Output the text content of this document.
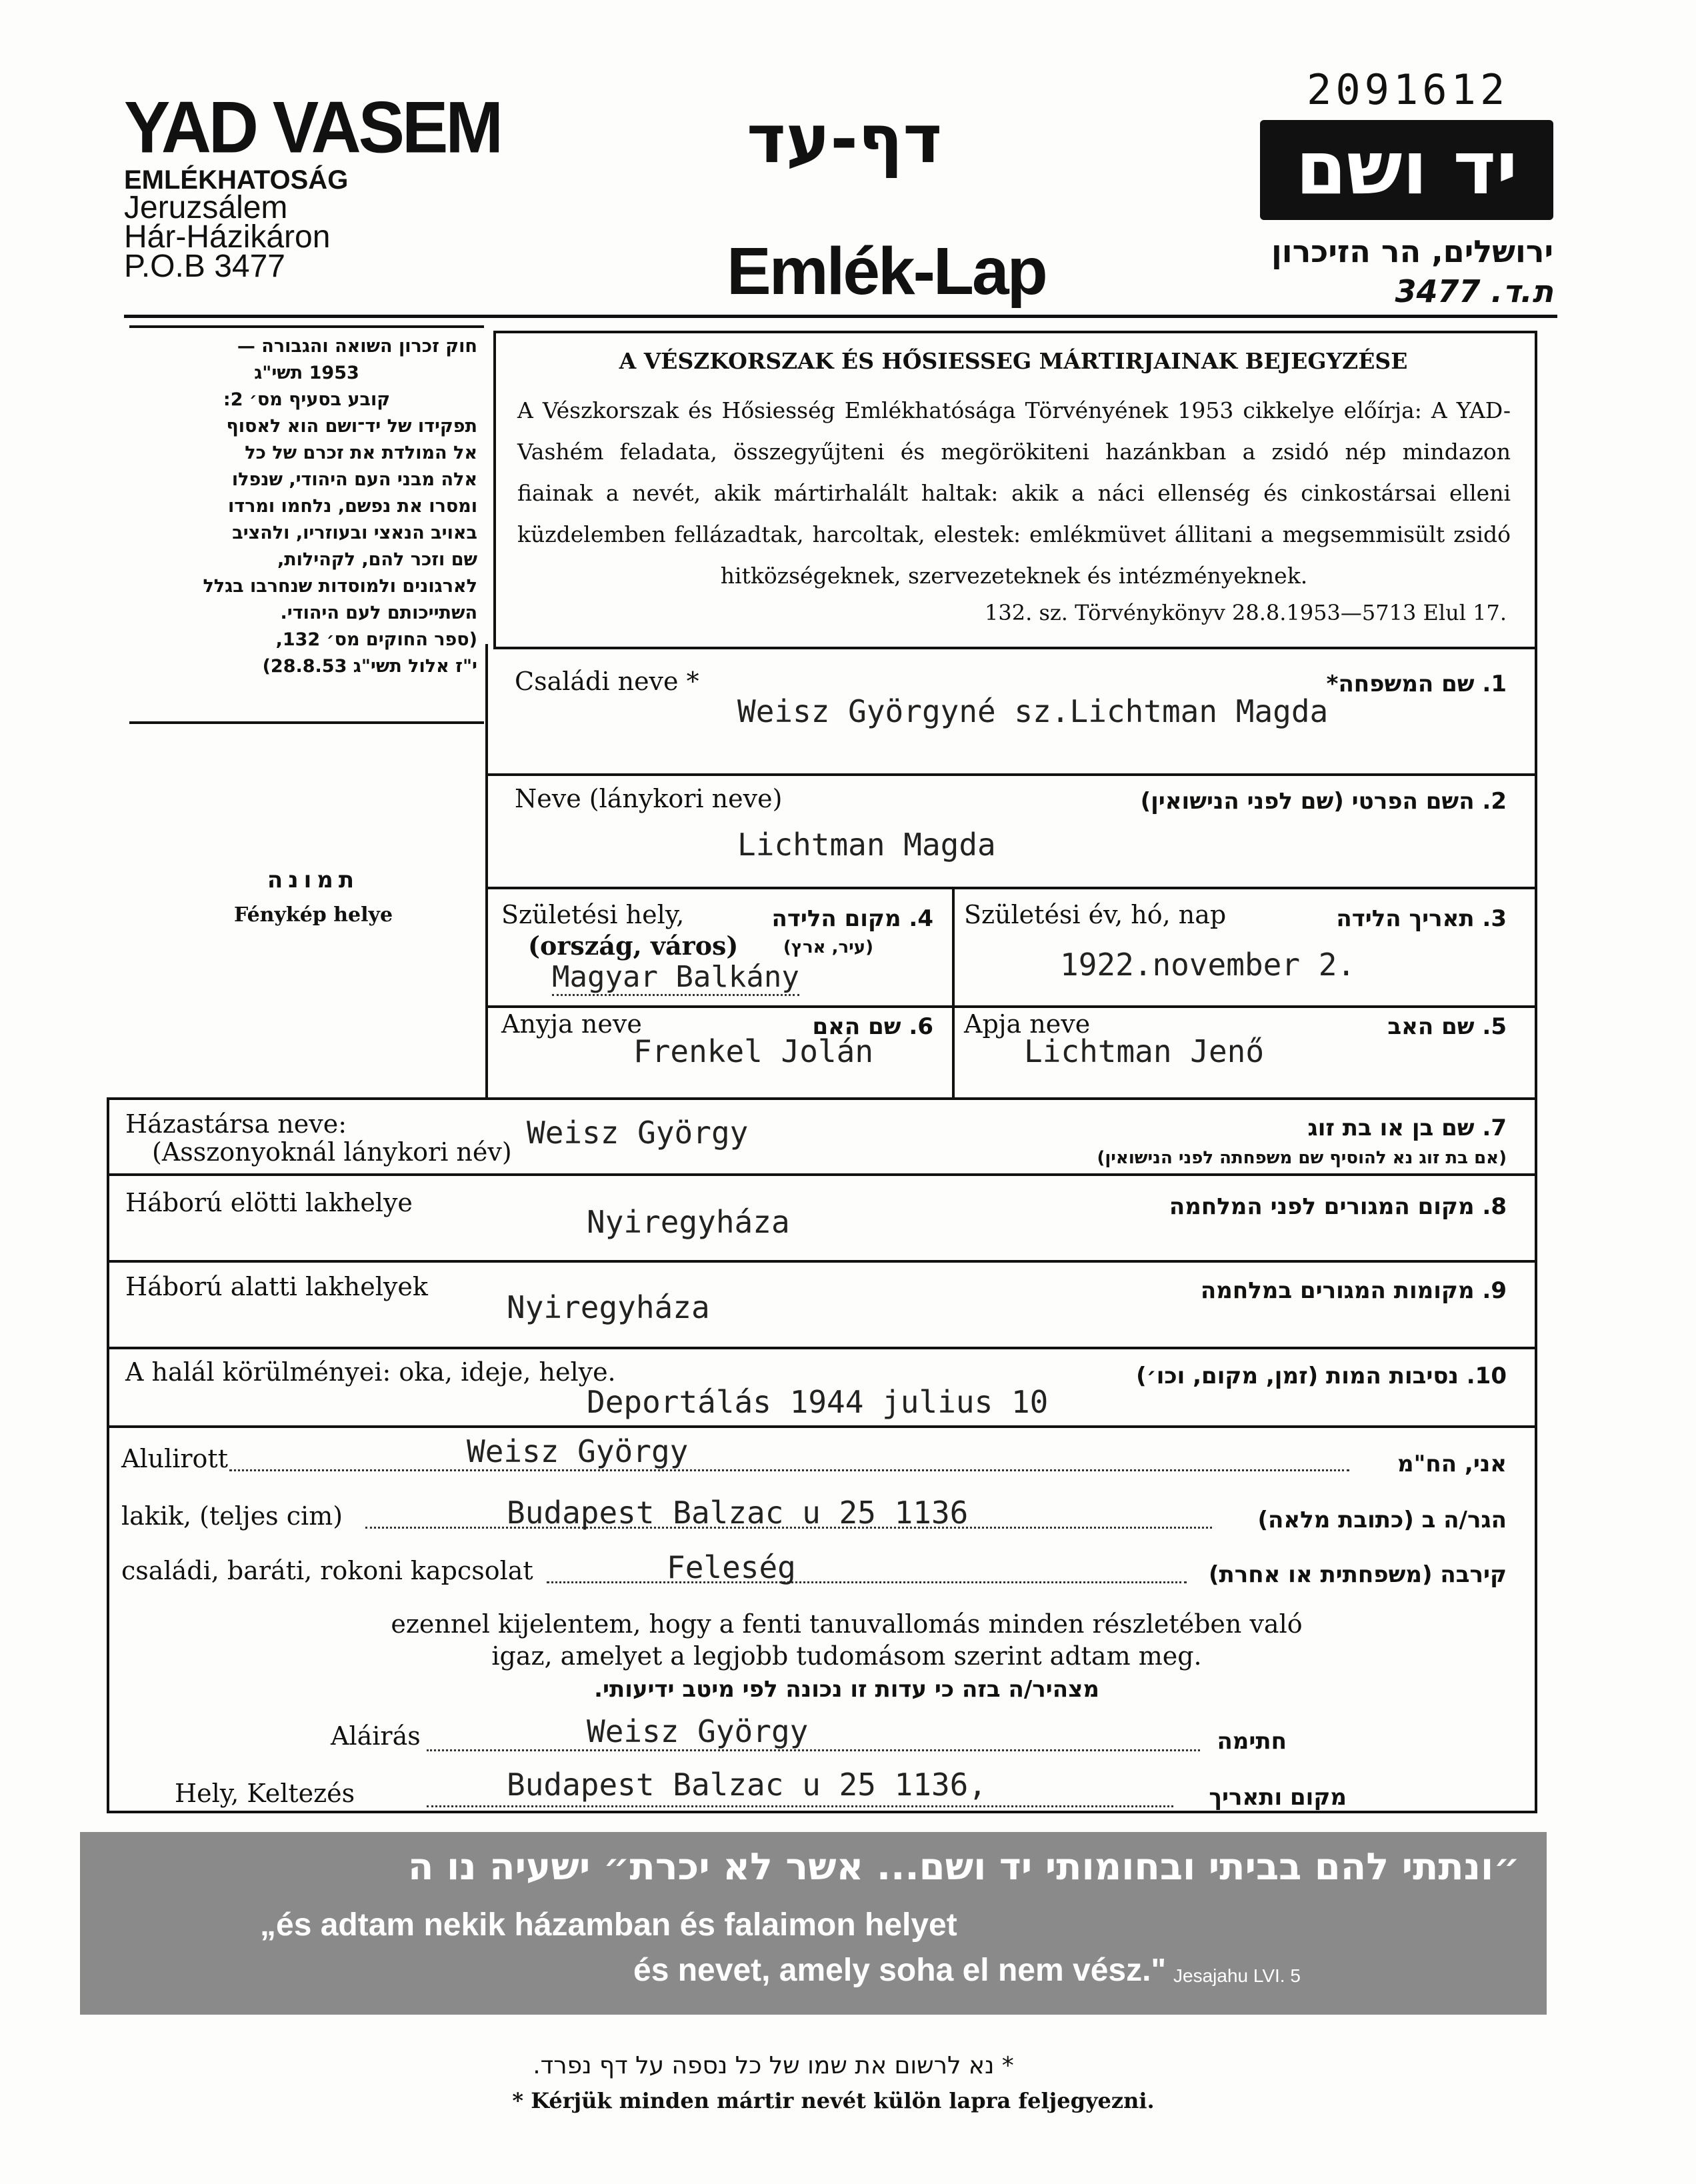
2091612
YAD VASEM
EMLÉKHATOSÁG
Jeruzsálem
Hár-Házikáron
P.O.B 3477
דף-עד
Emlék-Lap
יד ושם
ירושלים, הר הזיכרון
3477 .ת.ד
חוק זכרון השואה והגבורה —
1953 תשי"ג
קובע בסעיף מס׳ 2:
תפקידו של יד־ושם הוא לאסוף
אל המולדת את זכרם של כל
אלה מבני העם היהודי, שנפלו
ומסרו את נפשם, נלחמו ומרדו
באויב הנאצי ובעוזריו, ולהציב
שם וזכר להם, לקהילות,
לארגונים ולמוסדות שנחרבו בגלל
השתייכותם לעם היהודי.
(ספר החוקים מס׳ 132,
י"ז אלול תשי"ג 28.8.53)
תמונה
Fénykép helye
A VÉSZKORSZAK ÉS HŐSIESSEG MÁRTIRJAINAK BEJEGYZÉSE
A Vészkorszak és Hősiesség Emlékhatósága Törvényének 1953 cikkelye előírja: A YAD-Vashém feladata, összegyűjteni és megörökiteni hazánkban a zsidó nép mindazon fiainak a nevét, akik mártirhalált haltak: akik a náci ellenség és cinkostársai elleni küzdelemben fellázadtak, harcoltak, elestek: emlékmüvet állitani a megsemmisült zsidó hitközségeknek, szervezeteknek és intézményeknek.
132. sz. Törvénykönyv 28.8.1953—5713 Elul 17.
Családi neve *	1. שם המשפחה*
Weisz Györgyné sz.Lichtman Magda
Neve (lánykori neve)	2. השם הפרטי (שם לפני הנישואין)
Lichtman Magda
Születési hely,
(ország, város)
4. מקום הלידה
(עיר, ארץ)
Magyar Balkány
Születési év, hó, nap	3. תאריך הלידה
1922.november 2.
Anyja neve	6. שם האם
Frenkel Jolán
Apja neve	5. שם האב
Lichtman Jenő
Házastársa neve:
(Asszonyoknál lánykori név)
7. שם בן או בת זוג
(אם בת זוג נא להוסיף שם משפחתה לפני הנישואין)
Weisz György
Háború elötti lakhelye	8. מקום המגורים לפני המלחמה
Nyiregyháza
Háború alatti lakhelyek	9. מקומות המגורים במלחמה
Nyiregyháza
A halál körülményei: oka, ideje, helye.	10. נסיבות המות (זמן, מקום, וכו׳)
Deportálás 1944 julius 10
Alulirott	Weisz György	אני, הח"מ
lakik, (teljes cim)	Budapest Balzac u 25 1136	הגר/ה ב (כתובת מלאה)
családi, baráti, rokoni kapcsolat	Feleség	קירבה (משפחתית או אחרת)
ezennel kijelentem, hogy a fenti tanuvallomás minden részletében való
igaz, amelyet a legjobb tudomásom szerint adtam meg.
מצהיר/ה בזה כי עדות זו נכונה לפי מיטב ידיעותי.
Aláirás	Weisz György	חתימה
Hely, Keltezés	Budapest Balzac u 25 1136,	מקום ותאריך
״ונתתי להם בביתי ובחומותי יד ושם... אשר לא יכרת״ ישעיה נו ה
„és adtam nekik házamban és falaimon helyet
és nevet, amely soha el nem vész." Jesajahu LVI. 5
* נא לרשום את שמו של כל נספה על דף נפרד.
* Kérjük minden mártir nevét külön lapra feljegyezni.
